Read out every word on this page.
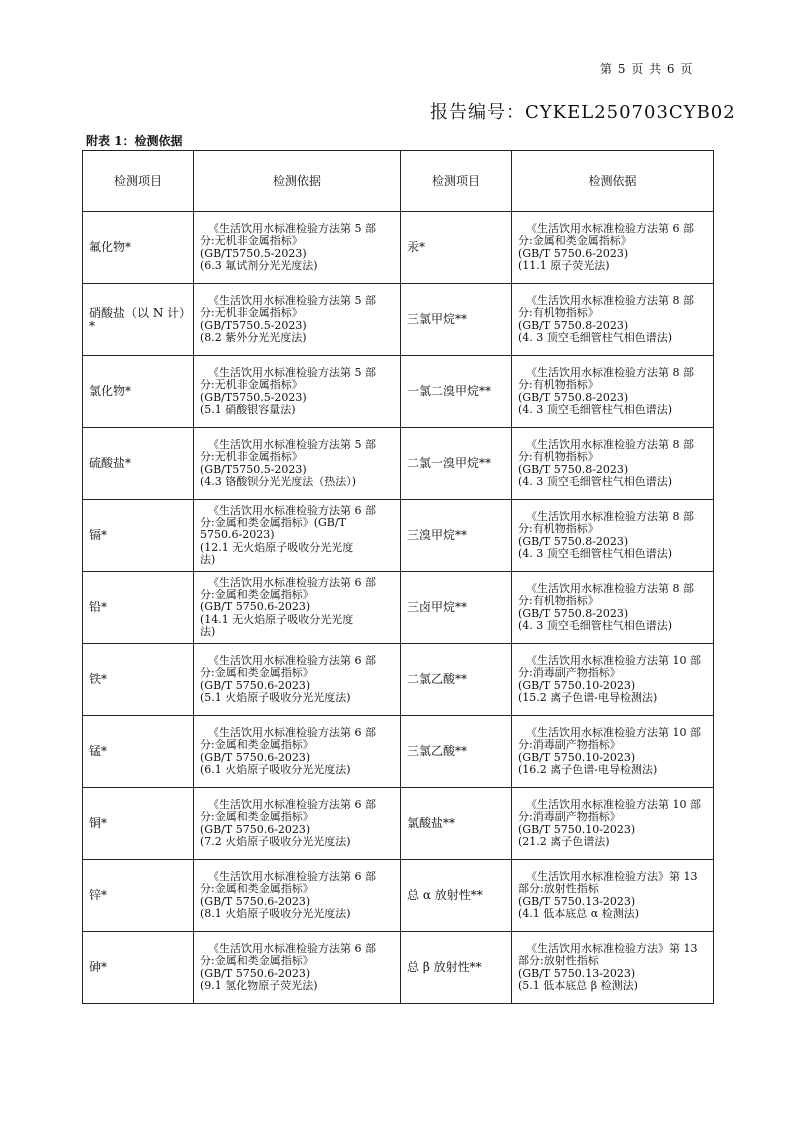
第 5 页 共 6 页
报告编号：CYKEL250703CYB02
附表 1：检测依据
检测项目	检测依据	检测项目	检测依据
氟化物*	《生活饮用水标准检验方法第 5 部
分:无机非金属指标》
(GB/T5750.5-2023)
(6.3 氟试剂分光光度法)	汞*	《生活饮用水标准检验方法第 6 部
分:金属和类金属指标》
(GB/T 5750.6-2023)
(11.1 原子荧光法)

硝酸盐（以 N 计）*	《生活饮用水标准检验方法第 5 部
分:无机非金属指标》
(GB/T5750.5-2023)
(8.2 紫外分光光度法)	三氯甲烷**	《生活饮用水标准检验方法第 8 部
分:有机物指标》
(GB/T 5750.8-2023)
(4. 3 顶空毛细管柱气相色谱法)

氯化物*	《生活饮用水标准检验方法第 5 部
分:无机非金属指标》
(GB/T5750.5-2023)
(5.1 硝酸银容量法)	一氯二溴甲烷**	《生活饮用水标准检验方法第 8 部
分:有机物指标》
(GB/T 5750.8-2023)
(4. 3 顶空毛细管柱气相色谱法)

硫酸盐*	《生活饮用水标准检验方法第 5 部
分:无机非金属指标》
(GB/T5750.5-2023)
(4.3 铬酸钡分光光度法（热法）)	二氯一溴甲烷**	《生活饮用水标准检验方法第 8 部
分:有机物指标》
(GB/T 5750.8-2023)
(4. 3 顶空毛细管柱气相色谱法)

镉*	《生活饮用水标准检验方法第 6 部
分:金属和类金属指标》(GB/T
5750.6-2023)
(12.1 无火焰原子吸收分光光度
法)	三溴甲烷**	《生活饮用水标准检验方法第 8 部
分:有机物指标》
(GB/T 5750.8-2023)
(4. 3 顶空毛细管柱气相色谱法)

铅*	《生活饮用水标准检验方法第 6 部
分:金属和类金属指标》
(GB/T 5750.6-2023)
(14.1 无火焰原子吸收分光光度
法)	三卤甲烷**	《生活饮用水标准检验方法第 8 部
分:有机物指标》
(GB/T 5750.8-2023)
(4. 3 顶空毛细管柱气相色谱法)

铁*	《生活饮用水标准检验方法第 6 部
分:金属和类金属指标》
(GB/T 5750.6-2023)
(5.1 火焰原子吸收分光光度法)	二氯乙酸**	《生活饮用水标准检验方法第 10 部
分:消毒副产物指标》
(GB/T 5750.10-2023)
(15.2 离子色谱-电导检测法)

锰*	《生活饮用水标准检验方法第 6 部
分:金属和类金属指标》
(GB/T 5750.6-2023)
(6.1 火焰原子吸收分光光度法)	三氯乙酸**	《生活饮用水标准检验方法第 10 部
分:消毒副产物指标》
(GB/T 5750.10-2023)
(16.2 离子色谱-电导检测法)

铜*	《生活饮用水标准检验方法第 6 部
分:金属和类金属指标》
(GB/T 5750.6-2023)
(7.2 火焰原子吸收分光光度法)	氯酸盐**	《生活饮用水标准检验方法第 10 部
分:消毒副产物指标》
(GB/T 5750.10-2023)
(21.2 离子色谱法)

锌*	《生活饮用水标准检验方法第 6 部
分:金属和类金属指标》
(GB/T 5750.6-2023)
(8.1 火焰原子吸收分光光度法)	总 α 放射性**	《生活饮用水标准检验方法》第 13
部分:放射性指标
(GB/T 5750.13-2023)
(4.1 低本底总 α 检测法)

砷*	《生活饮用水标准检验方法第 6 部
分:金属和类金属指标》
(GB/T 5750.6-2023)
(9.1 氢化物原子荧光法)	总 β 放射性**	《生活饮用水标准检验方法》第 13
部分:放射性指标
(GB/T 5750.13-2023)
(5.1 低本底总 β 检测法)
